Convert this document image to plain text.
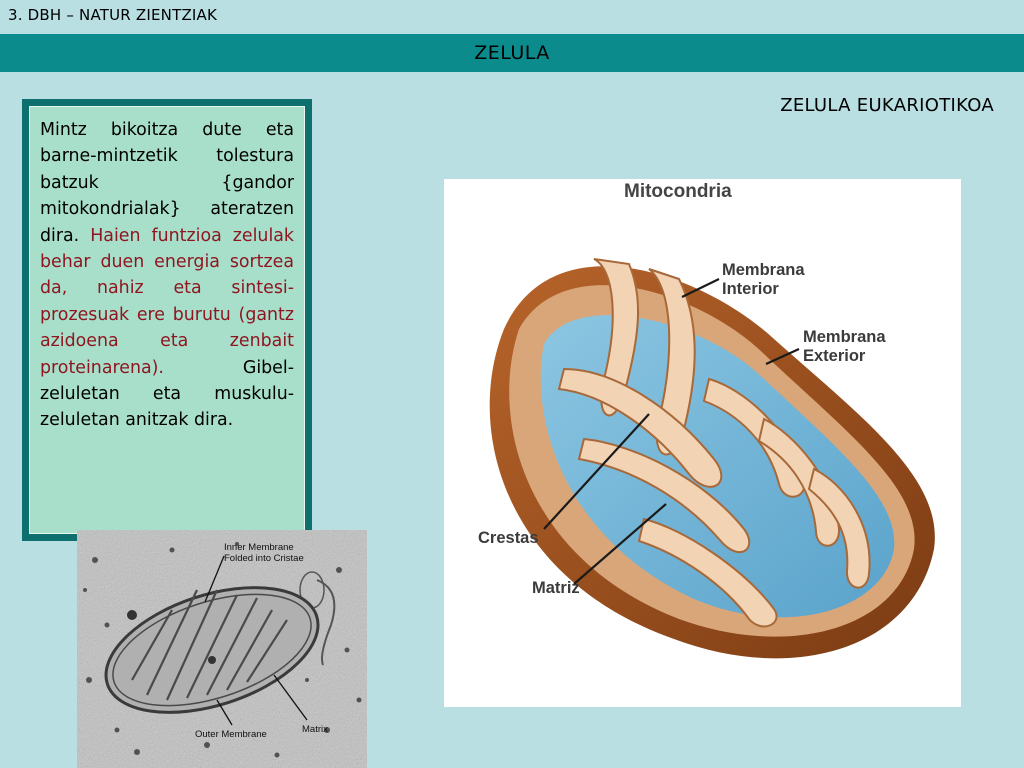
3. DBH – NATUR ZIENTZIAK
ZELULA
ZELULA EUKARIOTIKOA

Mintz bikoitza dute eta barne-mintzetik tolestura batzuk {gandor mitokondrialak} ateratzen dira. Haien funtzioa zelulak behar duen energia sortzea da, nahiz eta sintesi-prozesuak ere burutu (gantz azidoena eta zenbait proteinarena). Gibel-zeluletan eta muskulu-zeluletan anitzak dira.

Inner Membrane
Folded into Cristae
Matrix
Outer Membrane
Mitocondria
Membrana
Interior
Membrana
Exterior
Crestas
Matriz
